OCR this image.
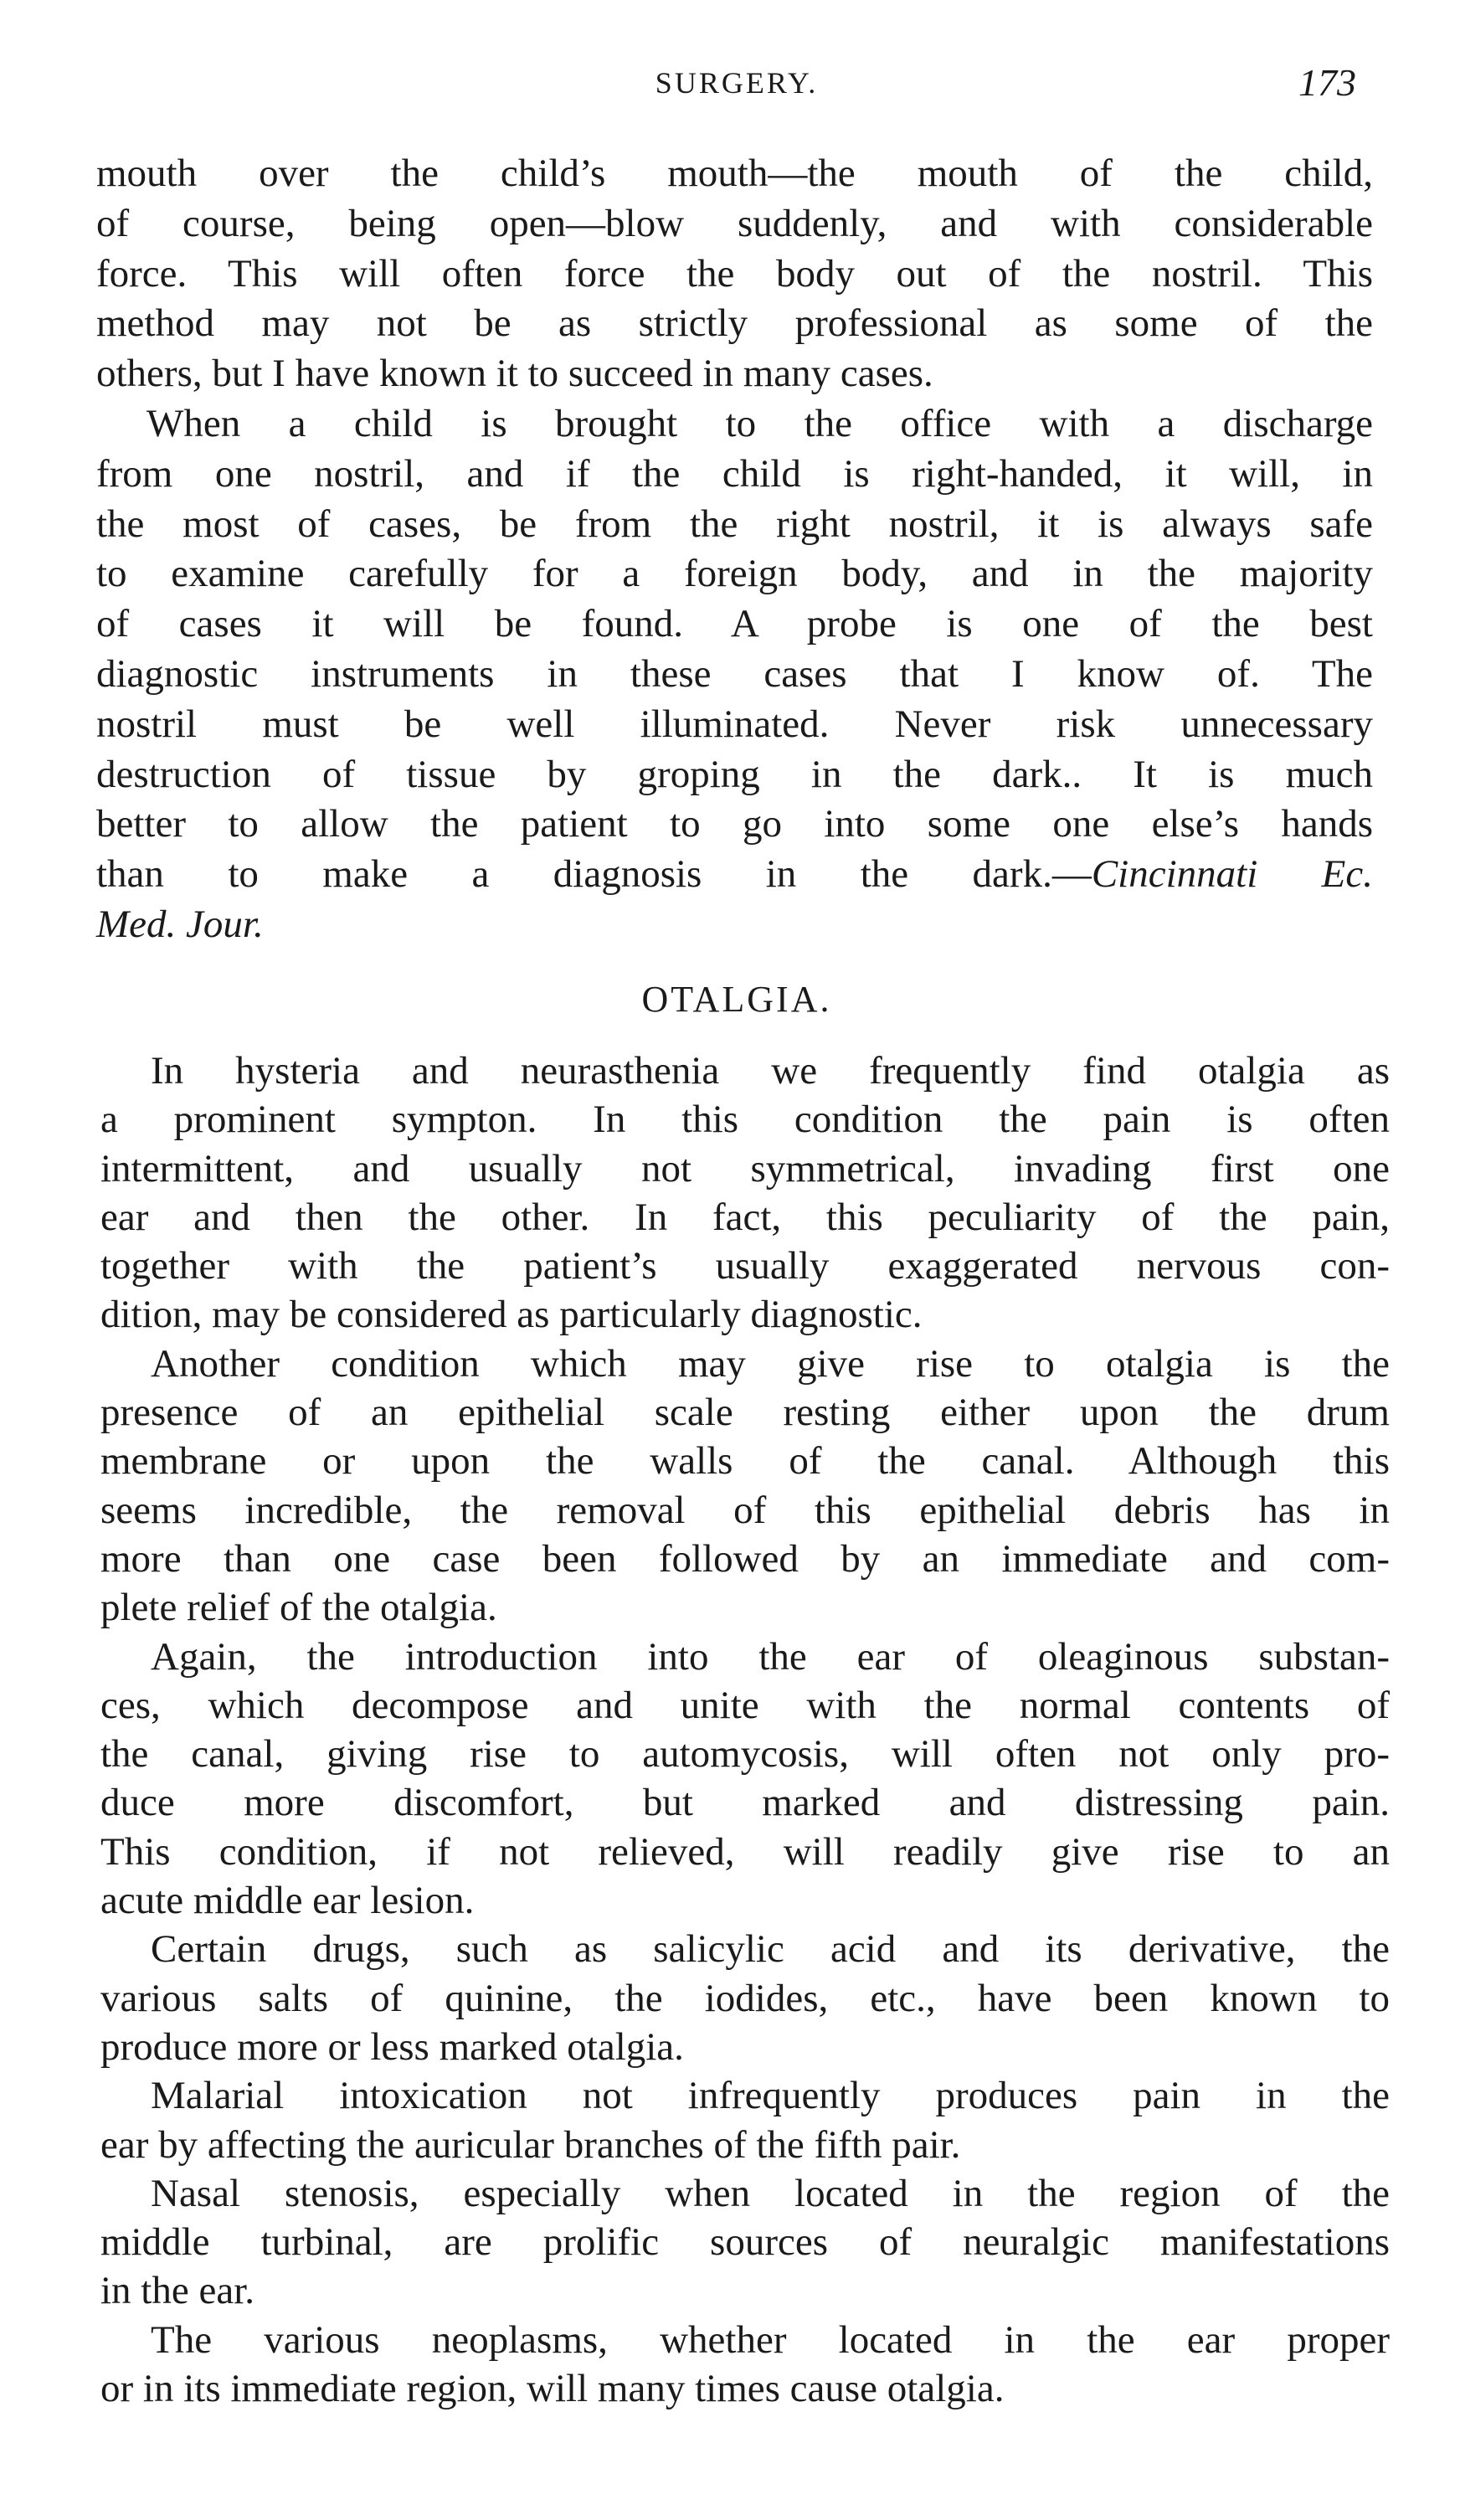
SURGERY.	173
mouth over the child’s mouth—the mouth of the child,
of course, being open—blow suddenly, and with considerable
force. This will often force the body out of the nostril. This
method may not be as strictly professional as some of the
others, but I have known it to succeed in many cases.
When a child is brought to the office with a discharge
from one nostril, and if the child is right-handed, it will, in
the most of cases, be from the right nostril, it is always safe
to examine carefully for a foreign body, and in the majority
of cases it will be found. A probe is one of the best
diagnostic instruments in these cases that I know of. The
nostril must be well illuminated. Never risk unnecessary
destruction of tissue by groping in the dark.. It is much
better to allow the patient to go into some one else’s hands
than to make a diagnosis in the dark.—Cincinnati Ec.
Med. Jour.
OTALGIA.
In hysteria and neurasthenia we frequently find otalgia as
a prominent sympton. In this condition the pain is often
intermittent, and usually not symmetrical, invading first one
ear and then the other. In fact, this peculiarity of the pain,
together with the patient’s usually exaggerated nervous con-
dition, may be considered as particularly diagnostic.
Another condition which may give rise to otalgia is the
presence of an epithelial scale resting either upon the drum
membrane or upon the walls of the canal. Although this
seems incredible, the removal of this epithelial debris has in
more than one case been followed by an immediate and com-
plete relief of the otalgia.
Again, the introduction into the ear of oleaginous substan-
ces, which decompose and unite with the normal contents of
the canal, giving rise to automycosis, will often not only pro-
duce more discomfort, but marked and distressing pain.
This condition, if not relieved, will readily give rise to an
acute middle ear lesion.
Certain drugs, such as salicylic acid and its derivative, the
various salts of quinine, the iodides, etc., have been known to
produce more or less marked otalgia.
Malarial intoxication not infrequently produces pain in the
ear by affecting the auricular branches of the fifth pair.
Nasal stenosis, especially when located in the region of the
middle turbinal, are prolific sources of neuralgic manifestations
in the ear.
The various neoplasms, whether located in the ear proper
or in its immediate region, will many times cause otalgia.
